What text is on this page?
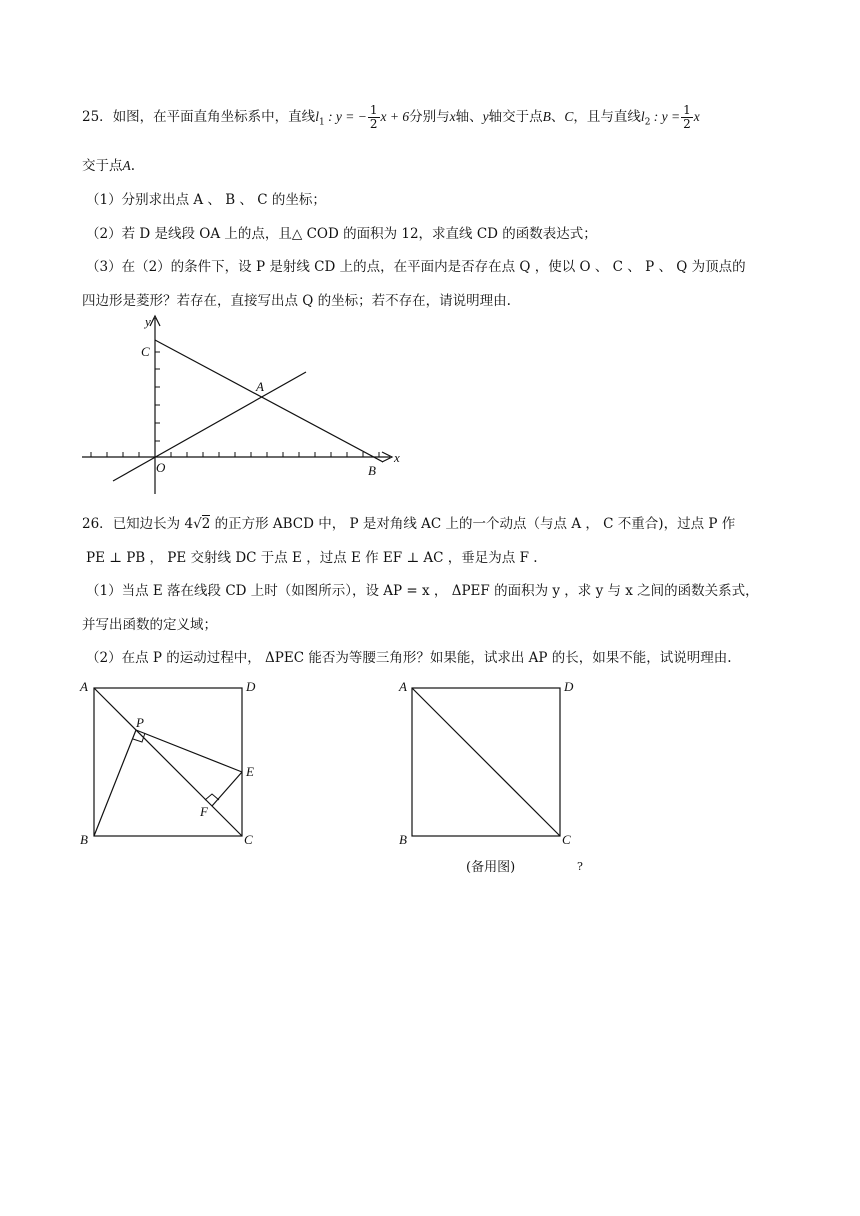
25．如图，在平面直角坐标系中，直线$l_1$ : y = − $\frac{1}{2}$ x + 6分别与x轴、y轴交于点B、C，且与直线$l_2$ : $y = \frac{1}{2}$ x
交于点A.
（1）分别求出点 A 、 B 、 C 的坐标；
（2）若 D 是线段 OA 上的点，且△ COD 的面积为 12，求直线 CD 的函数表达式；
（3）在（2）的条件下，设 P 是射线 CD 上的点，在平面内是否存在点 Q ，使以 O 、 C 、 P 、 Q 为顶点的
四边形是菱形？若存在，直接写出点 Q 的坐标；若不存在，请说明理由.
y
C
A
O	B
x
26．已知边长为 4√2 的正方形 ABCD 中， P 是对角线 AC 上的一个动点（与点 A ， C 不重合)，过点 P 作
PE ⊥ PB ， PE 交射线 DC 于点 E ，过点 E 作 EF ⊥ AC ，垂足为点 F .
（1）当点 E 落在线段 CD 上时（如图所示），设 AP = x ， ΔPEF 的面积为 y ，求 y 与 x 之间的函数关系式，
并写出函数的定义域；
（2）在点 P 的运动过程中， ΔPEC 能否为等腰三角形？如果能，试求出 AP 的长，如果不能，试说明理由.
A	D
P
E
F
B	C
A	D
B	C
(备用图)	?
